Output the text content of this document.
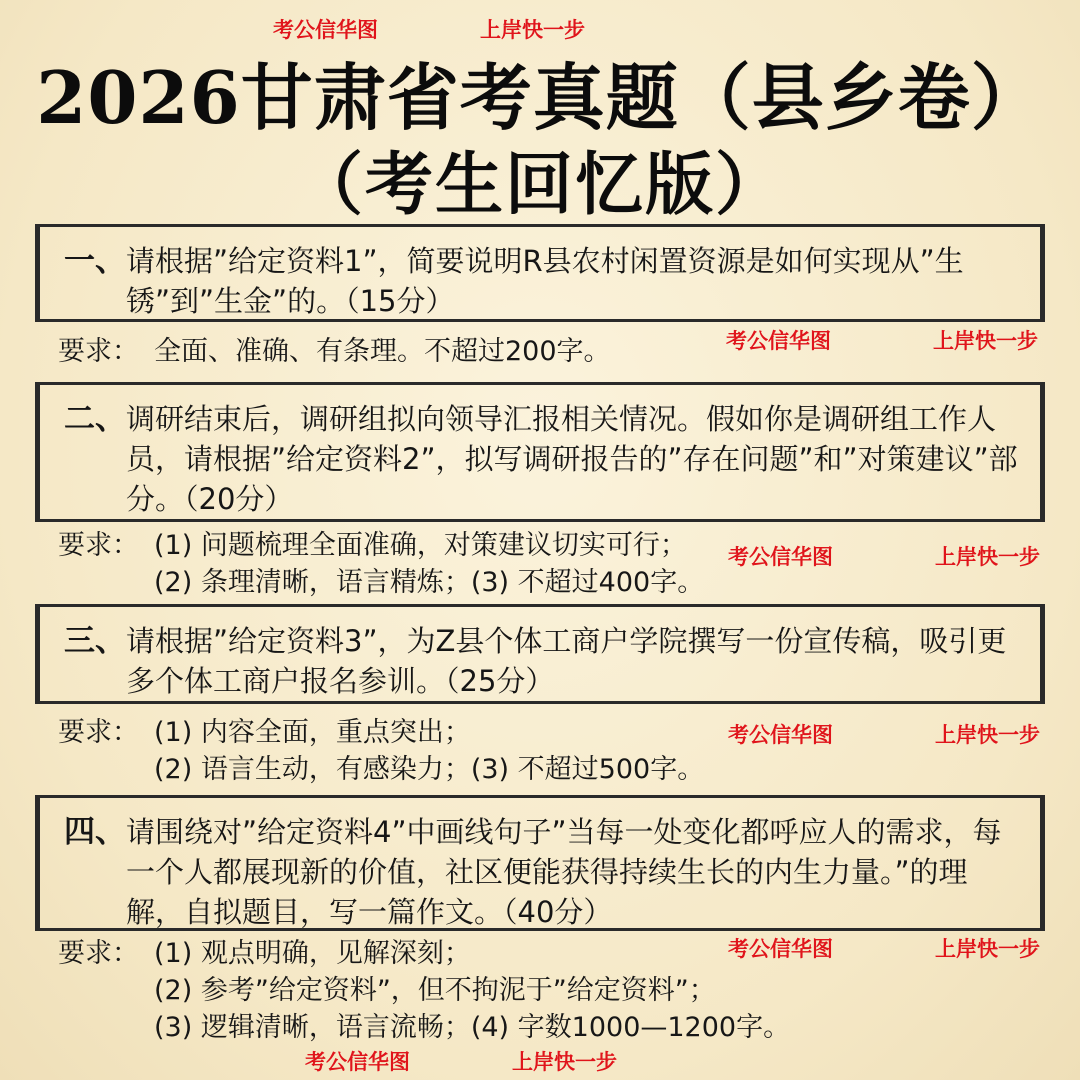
考公信华图	上岸快一步
2026甘肃省考真题（县乡卷）
（考生回忆版）
一、 请根据”给定资料1”，简要说明R县农村闲置资源是如何实现从”生锈”到”生金”的。（15分）
考公信华图	上岸快一步
要求： 全面、准确、有条理。不超过200字。
二、 调研结束后，调研组拟向领导汇报相关情况。假如你是调研组工作人员，请根据”给定资料2”，拟写调研报告的”存在问题”和”对策建议”部分。（20分）
要求： (1) 问题梳理全面准确，对策建议切实可行；
(2) 条理清晰，语言精炼；(3) 不超过400字。
考公信华图	上岸快一步
三、 请根据”给定资料3”，为Z县个体工商户学院撰写一份宣传稿，吸引更多个体工商户报名参训。（25分）
要求： (1) 内容全面，重点突出；
(2) 语言生动，有感染力；(3) 不超过500字。
考公信华图	上岸快一步
四、 请围绕对”给定资料4”中画线句子”当每一处变化都呼应人的需求，每一个人都展现新的价值，社区便能获得持续生长的内生力量。”的理解，自拟题目，写一篇作文。（40分）
要求： (1) 观点明确，见解深刻；
(2) 参考”给定资料”，但不拘泥于”给定资料”；
(3) 逻辑清晰，语言流畅；(4) 字数1000—1200字。
考公信华图	上岸快一步
考公信华图	上岸快一步
